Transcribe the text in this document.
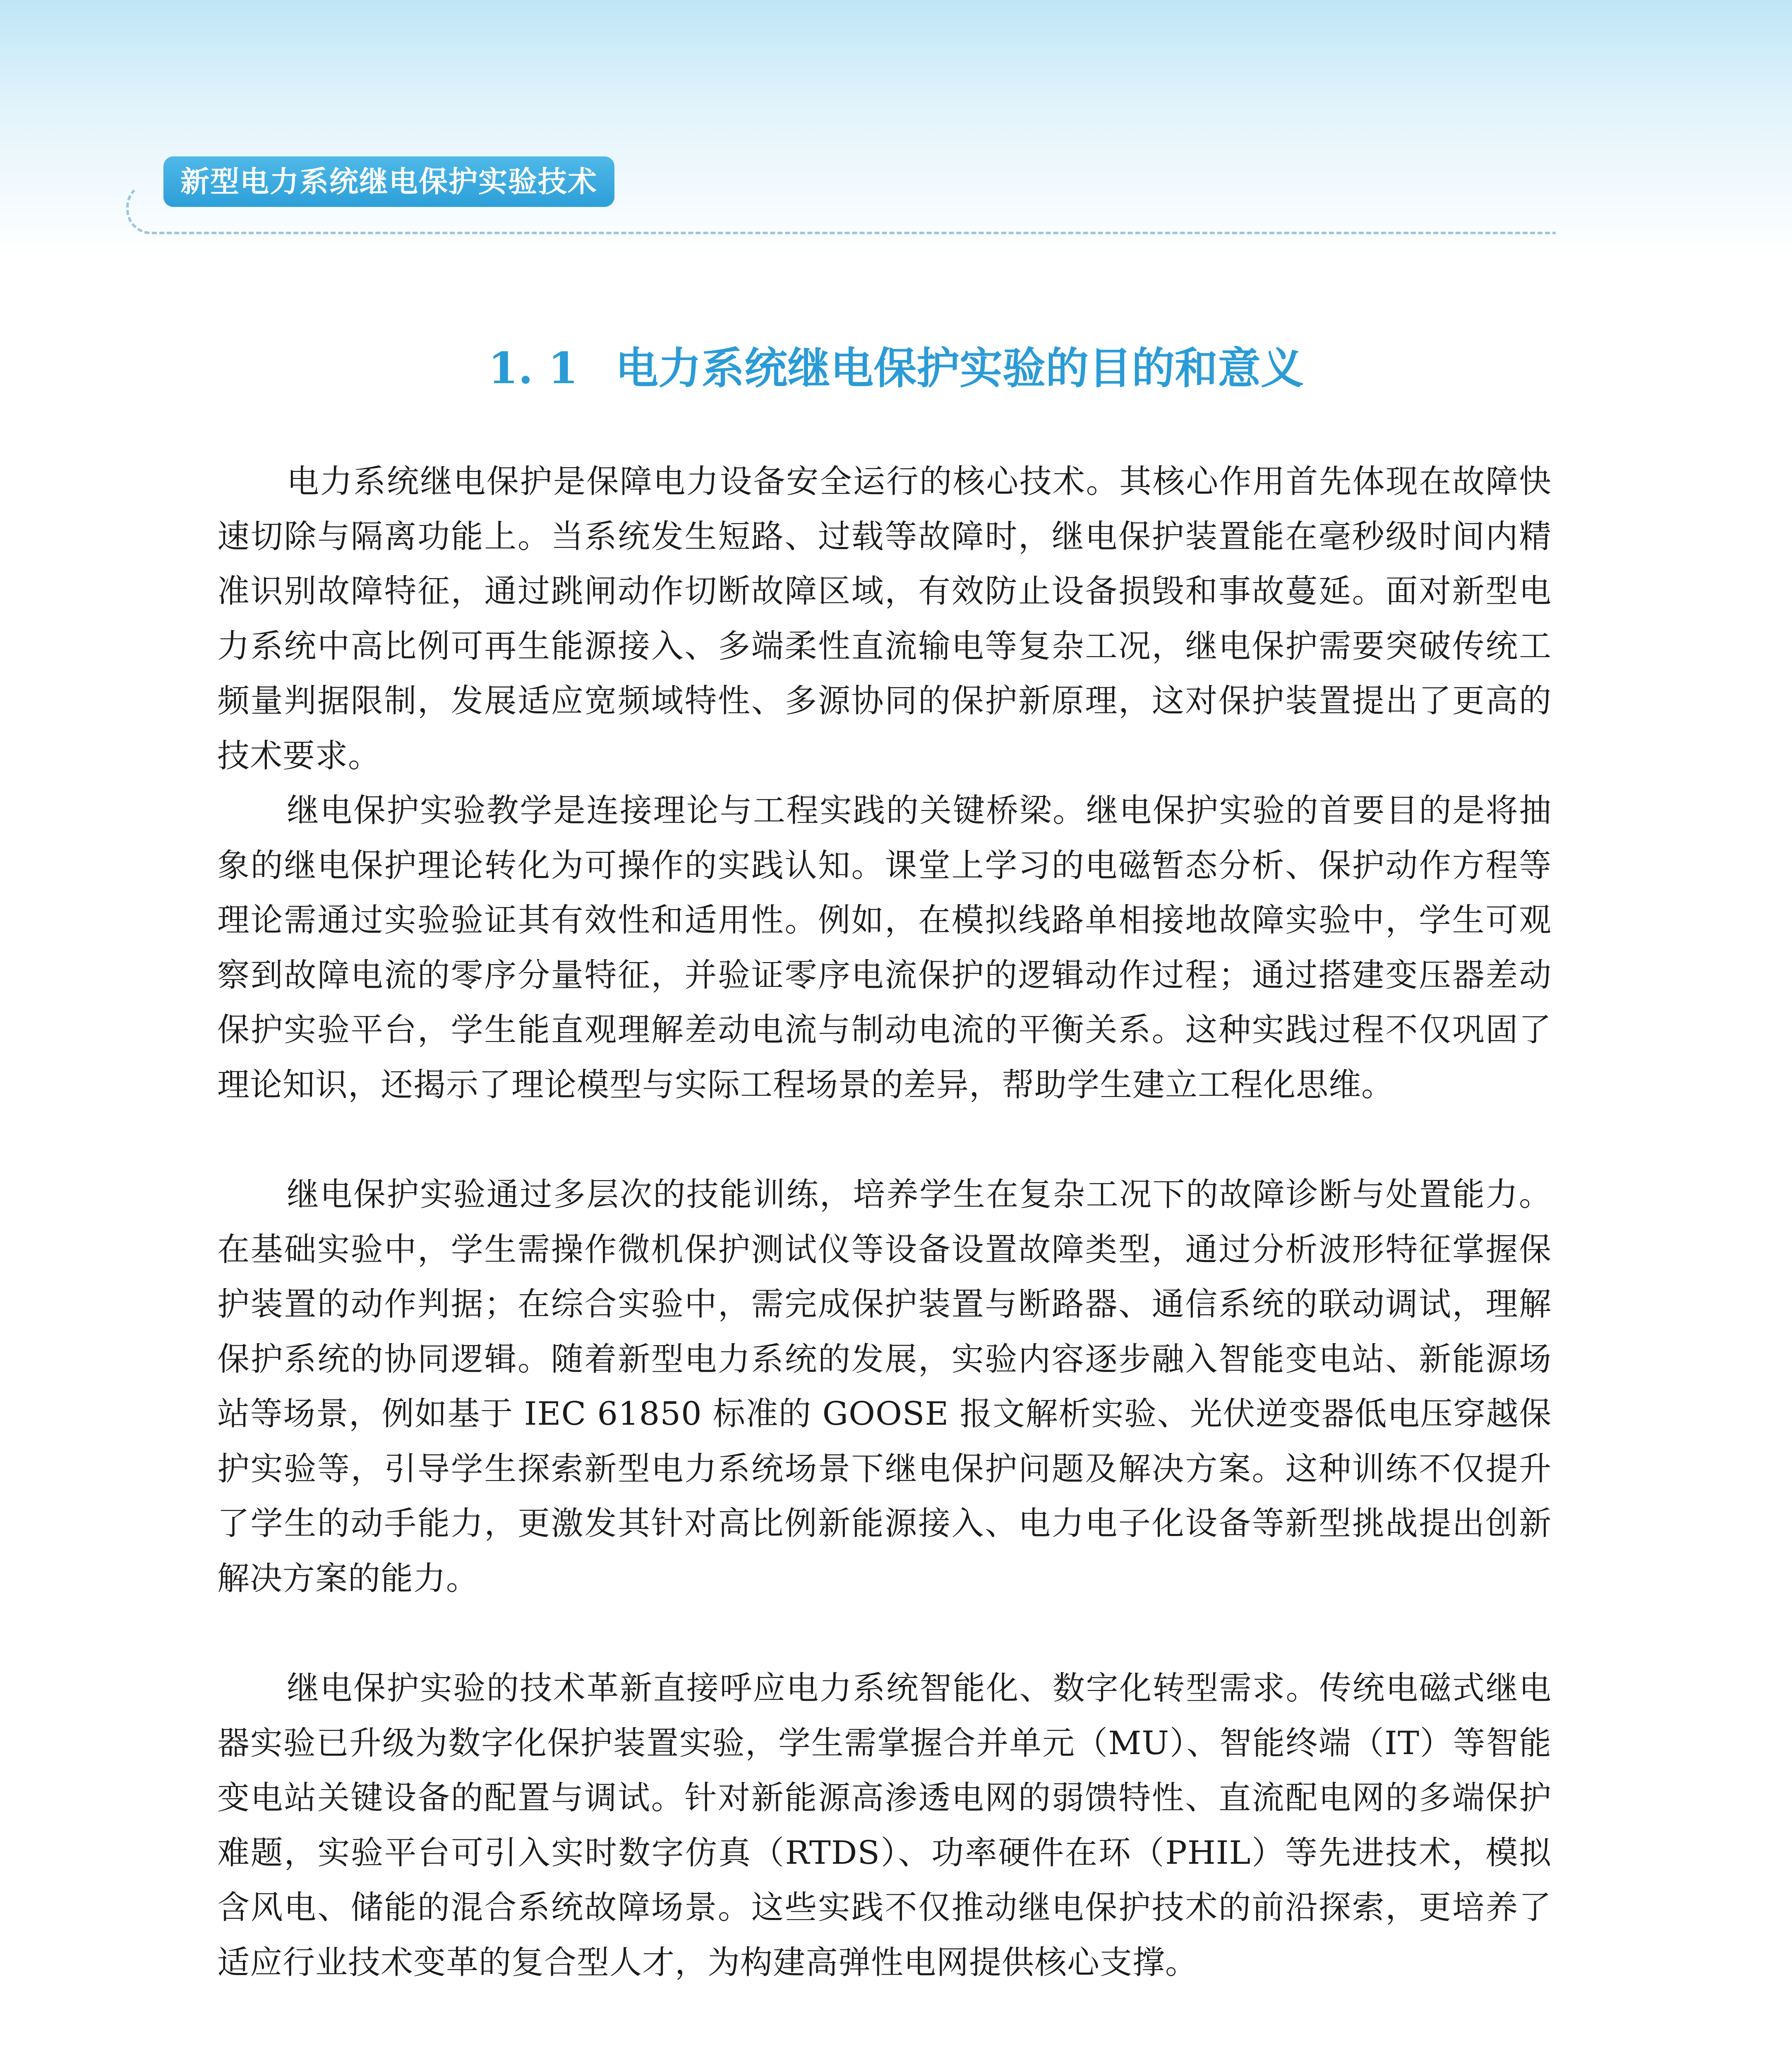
新型电力系统继电保护实验技术
1. 1 电力系统继电保护实验的目的和意义

电力系统继电保护是保障电力设备安全运行的核心技术。其核心作用首先体现在故障快速切除与隔离功能上。当系统发生短路、过载等故障时，继电保护装置能在毫秒级时间内精准识别故障特征，通过跳闸动作切断故障区域，有效防止设备损毁和事故蔓延。面对新型电力系统中高比例可再生能源接入、多端柔性直流输电等复杂工况，继电保护需要突破传统工频量判据限制，发展适应宽频域特性、多源协同的保护新原理，这对保护装置提出了更高的技术要求。

继电保护实验教学是连接理论与工程实践的关键桥梁。继电保护实验的首要目的是将抽象的继电保护理论转化为可操作的实践认知。课堂上学习的电磁暂态分析、保护动作方程等理论需通过实验验证其有效性和适用性。例如，在模拟线路单相接地故障实验中，学生可观察到故障电流的零序分量特征，并验证零序电流保护的逻辑动作过程；通过搭建变压器差动保护实验平台，学生能直观理解差动电流与制动电流的平衡关系。这种实践过程不仅巩固了理论知识，还揭示了理论模型与实际工程场景的差异，帮助学生建立工程化思维。

继电保护实验通过多层次的技能训练，培养学生在复杂工况下的故障诊断与处置能力。在基础实验中，学生需操作微机保护测试仪等设备设置故障类型，通过分析波形特征掌握保护装置的动作判据；在综合实验中，需完成保护装置与断路器、通信系统的联动调试，理解保护系统的协同逻辑。随着新型电力系统的发展，实验内容逐步融入智能变电站、新能源场站等场景，例如基于 IEC 61850 标准的 GOOSE 报文解析实验、光伏逆变器低电压穿越保护实验等，引导学生探索新型电力系统场景下继电保护问题及解决方案。这种训练不仅提升了学生的动手能力，更激发其针对高比例新能源接入、电力电子化设备等新型挑战提出创新解决方案的能力。

继电保护实验的技术革新直接呼应电力系统智能化、数字化转型需求。传统电磁式继电器实验已升级为数字化保护装置实验，学生需掌握合并单元（MU）、智能终端（IT）等智能变电站关键设备的配置与调试。针对新能源高渗透电网的弱馈特性、直流配电网的多端保护难题，实验平台可引入实时数字仿真（RTDS）、功率硬件在环（PHIL）等先进技术，模拟含风电、储能的混合系统故障场景。这些实践不仅推动继电保护技术的前沿探索，更培养了适应行业技术变革的复合型人才，为构建高弹性电网提供核心支撑。
